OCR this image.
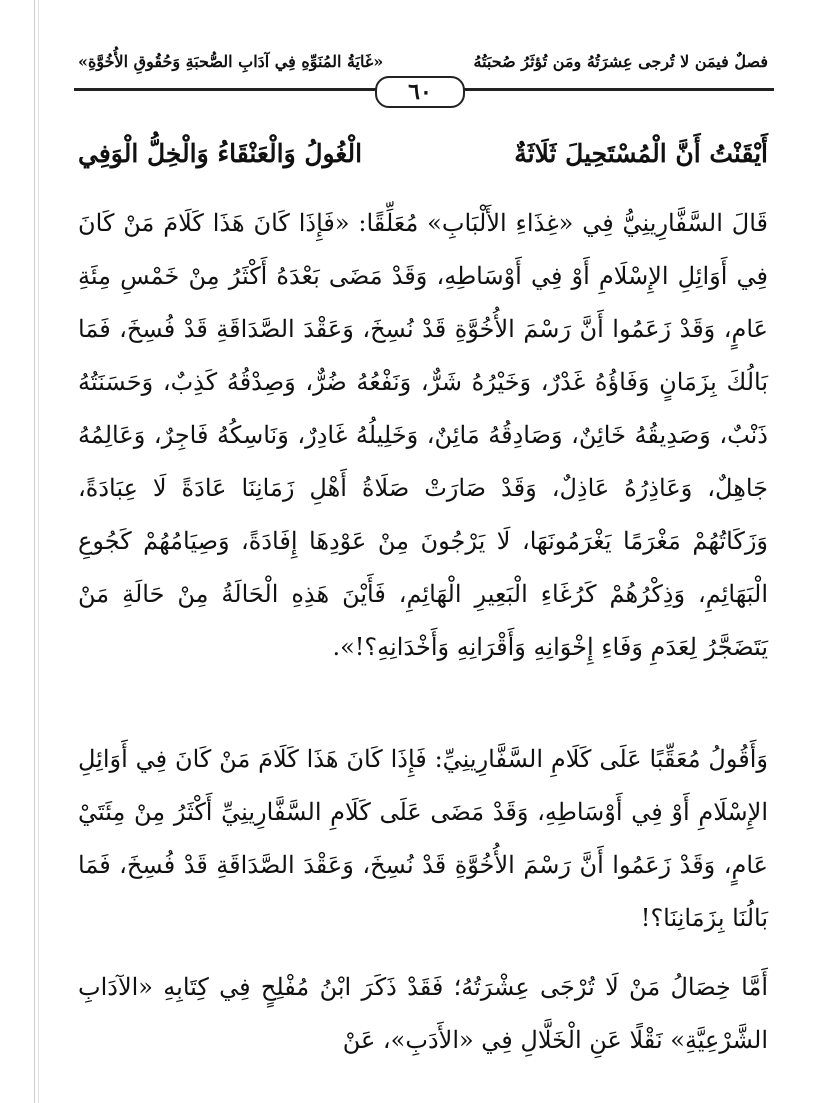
فصلٌ فيمَن لا تُرجى عِشرَتُهُ ومَن تُؤثَرُ صُحبَتُهُ
«غَايَةُ المُنَوِّهِ فِي آدَابِ الصُّحبَةِ وَحُقُوقِ الأُخُوَّةِ»
٦٠
أَيْقَنْتُ أَنَّ الْمُسْتَحِيلَ ثَلَاثَةٌ
الْغُولُ وَالْعَنْقَاءُ وَالْخِلُّ الْوَفِي
قَالَ السَّفَّارِينِيُّ فِي «غِذَاءِ الأَلْبَابِ» مُعَلِّقًا: «فَإِذَا كَانَ هَذَا كَلَامَ مَنْ كَانَ فِي أَوَائِلِ الإِسْلَامِ أَوْ فِي أَوْسَاطِهِ، وَقَدْ مَضَى بَعْدَهُ أَكْثَرُ مِنْ خَمْسِ مِئَةِ عَامٍ، وَقَدْ زَعَمُوا أَنَّ رَسْمَ الأُخُوَّةِ قَدْ نُسِخَ، وَعَقْدَ الصَّدَاقَةِ قَدْ فُسِخَ، فَمَا بَالُكَ بِزَمَانٍ وَفَاؤُهُ غَدْرٌ، وَخَيْرُهُ شَرٌّ، وَنَفْعُهُ ضُرٌّ، وَصِدْقُهُ كَذِبٌ، وَحَسَنَتُهُ ذَنْبٌ، وَصَدِيقُهُ خَائِنٌ، وَصَادِقُهُ مَائِنٌ، وَخَلِيلُهُ غَادِرٌ، وَنَاسِكُهُ فَاجِرٌ، وَعَالِمُهُ جَاهِلٌ، وَعَاذِرُهُ عَاذِلٌ، وَقَدْ صَارَتْ صَلَاةُ أَهْلِ زَمَانِنَا عَادَةً لَا عِبَادَةً، وَزَكَاتُهُمْ مَغْرَمًا يَغْرَمُونَهَا، لَا يَرْجُونَ مِنْ عَوْدِهَا إِفَادَةً، وَصِيَامُهُمْ كَجُوعِ الْبَهَائِمِ، وَذِكْرُهُمْ كَرُغَاءِ الْبَعِيرِ الْهَائِمِ، فَأَيْنَ هَذِهِ الْحَالَةُ مِنْ حَالَةِ مَنْ يَتَضَجَّرُ لِعَدَمِ وَفَاءِ إِخْوَانِهِ وَأَقْرَانِهِ وَأَخْدَانِهِ؟!».
وَأَقُولُ مُعَقِّبًا عَلَى كَلَامِ السَّفَّارِينِيِّ: فَإِذَا كَانَ هَذَا كَلَامَ مَنْ كَانَ فِي أَوَائِلِ الإِسْلَامِ أَوْ فِي أَوْسَاطِهِ، وَقَدْ مَضَى عَلَى كَلَامِ السَّفَّارِينِيِّ أَكْثَرُ مِنْ مِئَتَيْ عَامٍ، وَقَدْ زَعَمُوا أَنَّ رَسْمَ الأُخُوَّةِ قَدْ نُسِخَ، وَعَقْدَ الصَّدَاقَةِ قَدْ فُسِخَ، فَمَا بَالُنَا بِزَمَانِنَا؟!
أَمَّا خِصَالُ مَنْ لَا تُرْجَى عِشْرَتُهُ؛ فَقَدْ ذَكَرَ ابْنُ مُفْلِحٍ فِي كِتَابِهِ «الآدَابِ الشَّرْعِيَّةِ» نَقْلًا عَنِ الْخَلَّالِ فِي «الأَدَبِ»، عَنْ
